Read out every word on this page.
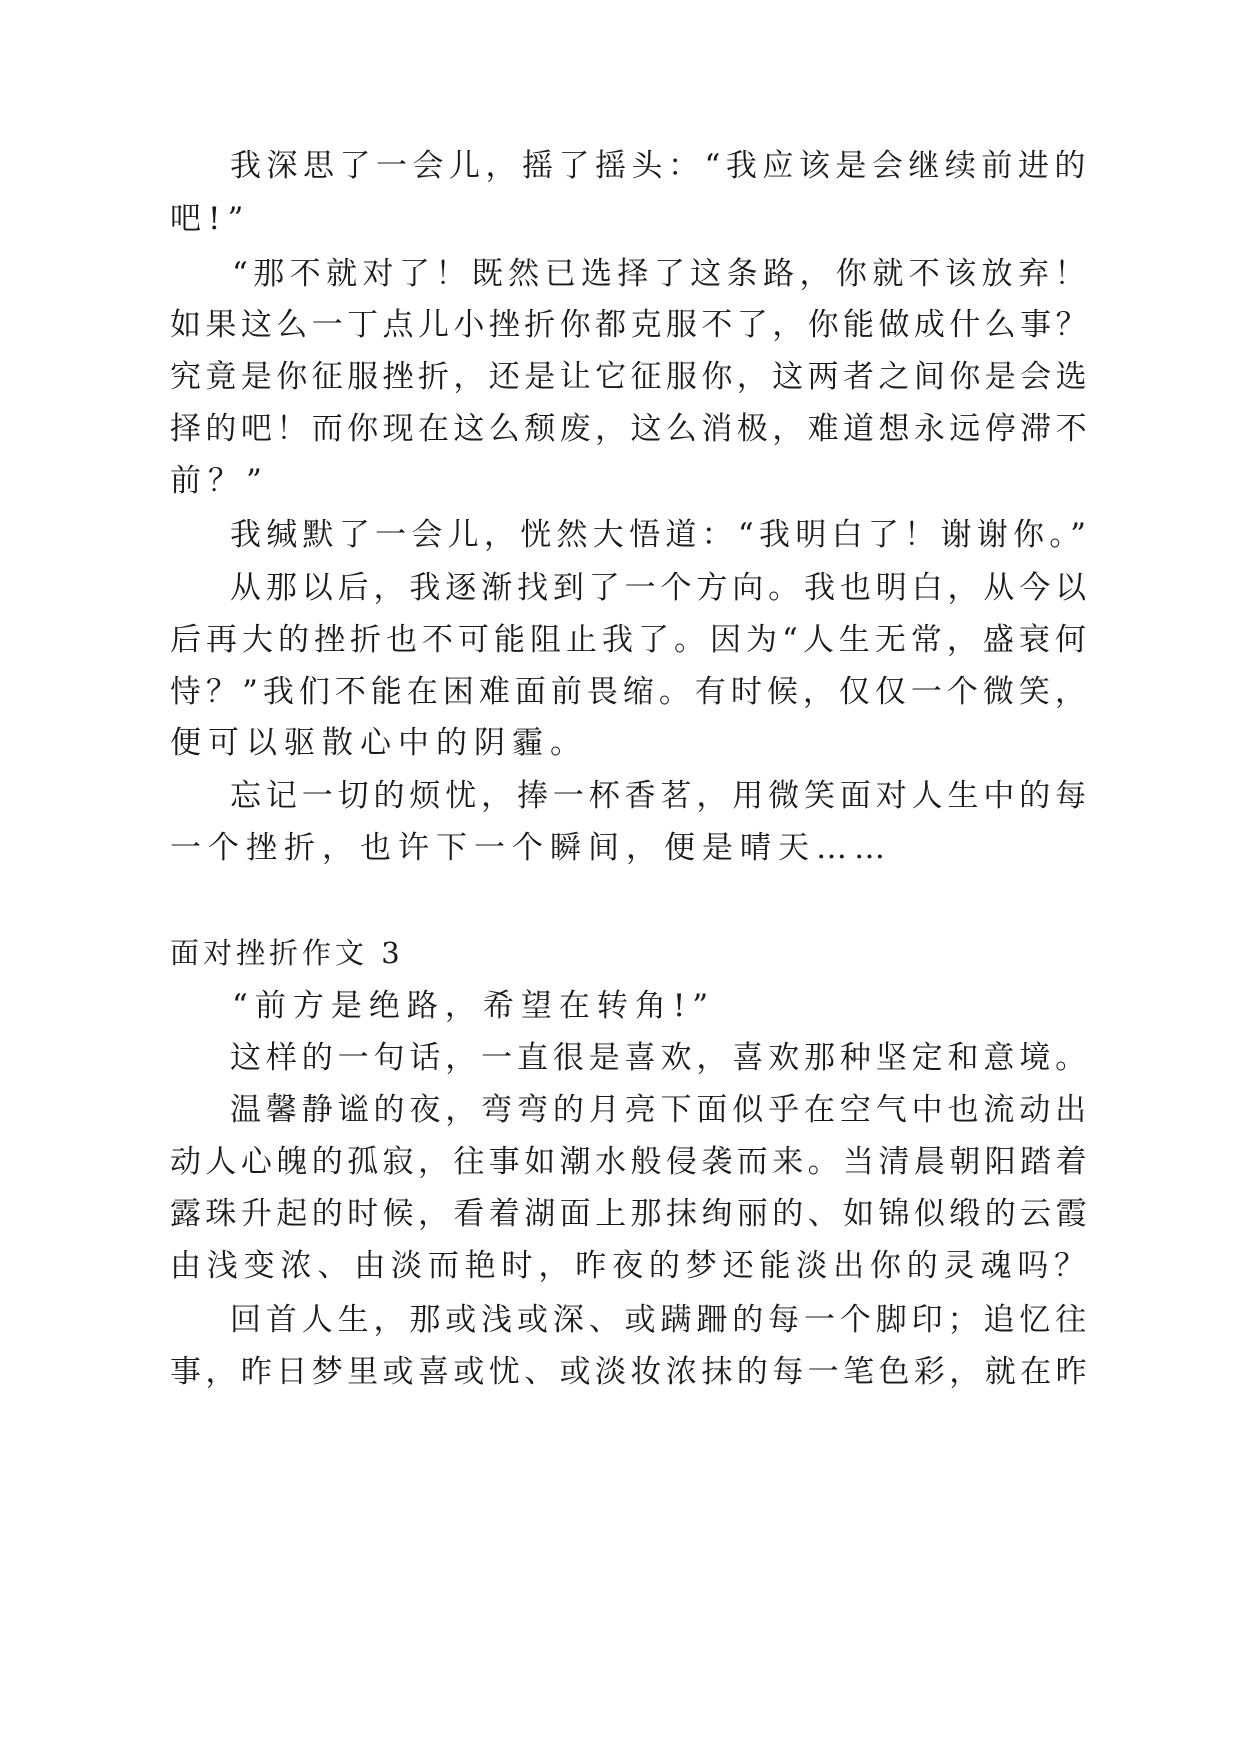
我深思了一会儿，摇了摇头：“我应该是会继续前进的
吧!”
“那不就对了！既然已选择了这条路，你就不该放弃！
如果这么一丁点儿小挫折你都克服不了，你能做成什么事？
究竟是你征服挫折，还是让它征服你，这两者之间你是会选
择的吧！而你现在这么颓废，这么消极，难道想永远停滞不
前？”
我缄默了一会儿，恍然大悟道：“我明白了！谢谢你。”
从那以后，我逐渐找到了一个方向。我也明白，从今以
后再大的挫折也不可能阻止我了。因为“人生无常，盛衰何
恃？”我们不能在困难面前畏缩。有时候，仅仅一个微笑，
便可以驱散心中的阴霾。
忘记一切的烦忧，捧一杯香茗，用微笑面对人生中的每
一个挫折，也许下一个瞬间，便是晴天……
面对挫折作文 3
“前方是绝路，希望在转角!”
这样的一句话，一直很是喜欢，喜欢那种坚定和意境。
温馨静谧的夜，弯弯的月亮下面似乎在空气中也流动出
动人心魄的孤寂，往事如潮水般侵袭而来。当清晨朝阳踏着
露珠升起的时候，看着湖面上那抹绚丽的、如锦似缎的云霞
由浅变浓、由淡而艳时，昨夜的梦还能淡出你的灵魂吗？
回首人生，那或浅或深、或蹒跚的每一个脚印；追忆往
事，昨日梦里或喜或忧、或淡妆浓抹的每一笔色彩，就在昨
